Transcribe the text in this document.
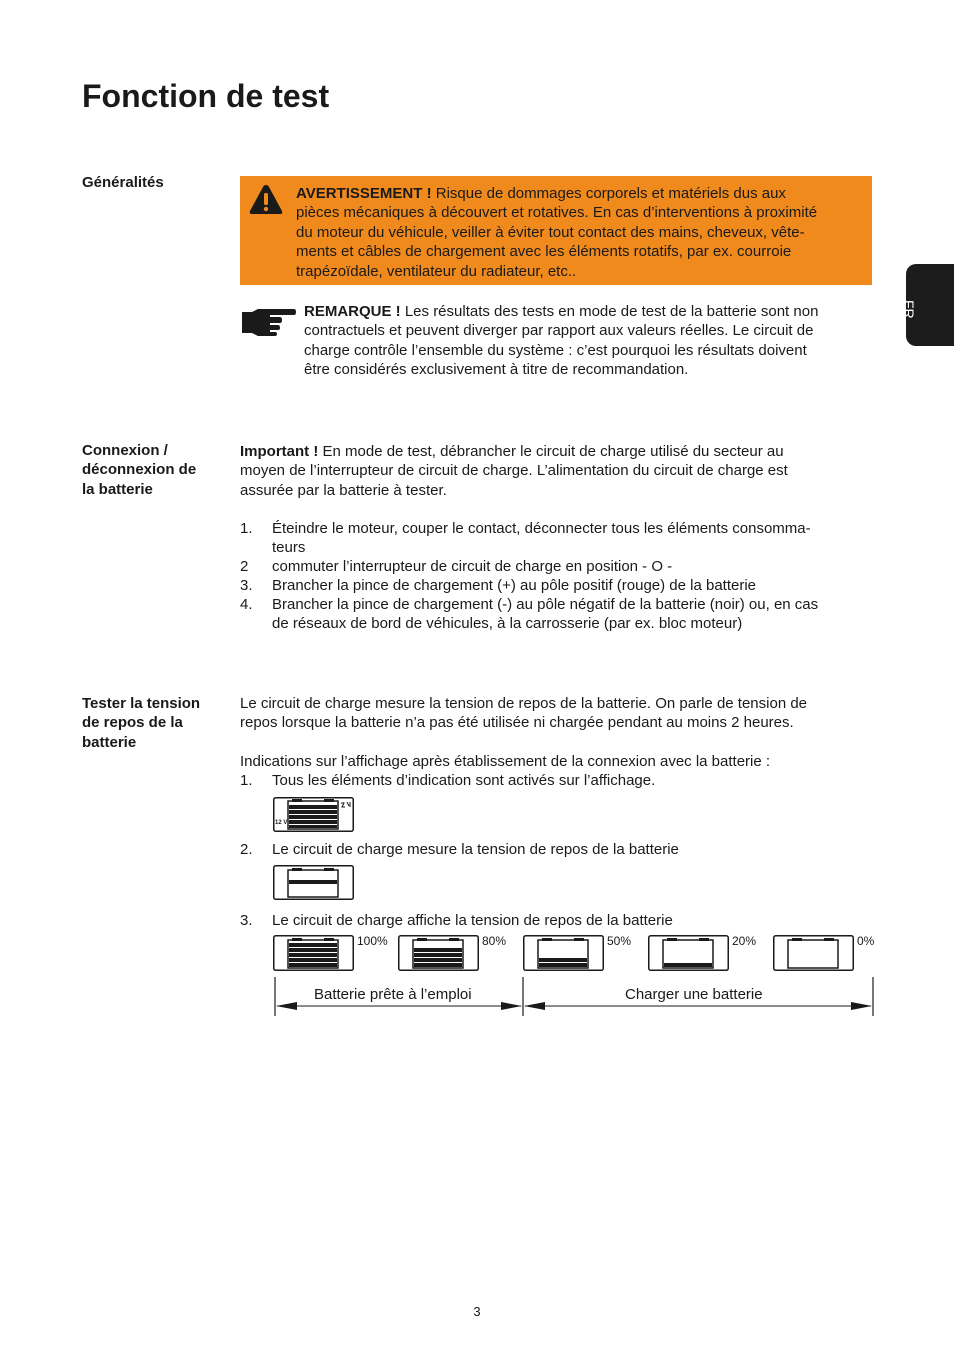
Fonction de test
FR
Généralités
AVERTISSEMENT ! Risque de dommages corporels et matériels dus aux
pièces mécaniques à découvert et rotatives. En cas d’interventions à proximité
du moteur du véhicule, veiller à éviter tout contact des mains, cheveux, vête-
ments et câbles de chargement avec les éléments rotatifs, par ex. courroie
trapézoïdale, ventilateur du radiateur, etc..
REMARQUE ! Les résultats des tests en mode de test de la batterie sont non
contractuels et peuvent diverger par rapport aux valeurs réelles. Le circuit de
charge contrôle l’ensemble du système : c’est pourquoi les résultats doivent
être considérés exclusivement à titre de recommandation.
Connexion /
déconnexion de
la batterie
Important ! En mode de test, débrancher le circuit de charge utilisé du secteur au
moyen de l’interrupteur de circuit de charge. L’alimentation du circuit de charge est
assurée par la batterie à tester.
1. Éteindre le moteur, couper le contact, déconnecter tous les éléments consomma-
teurs
2 commuter l’interrupteur de circuit de charge en position - O -
3. Brancher la pince de chargement (+) au pôle positif (rouge) de la batterie
4. Brancher la pince de chargement (-) au pôle négatif de la batterie (noir) ou, en cas
de réseaux de bord de véhicules, à la carrosserie (par ex. bloc moteur)
Tester la tension
de repos de la
batterie
Le circuit de charge mesure la tension de repos de la batterie. On parle de tension de
repos lorsque la batterie n’a pas été utilisée ni chargée pendant au moins 2 heures.
Indications sur l’affichage après établissement de la connexion avec la batterie :
1. Tous les éléments d’indication sont activés sur l’affichage.
12 V
2. Le circuit de charge mesure la tension de repos de la batterie
3. Le circuit de charge affiche la tension de repos de la batterie
100%	80%	50%	20%	0%
Batterie prête à l’emploi	Charger une batterie
3
